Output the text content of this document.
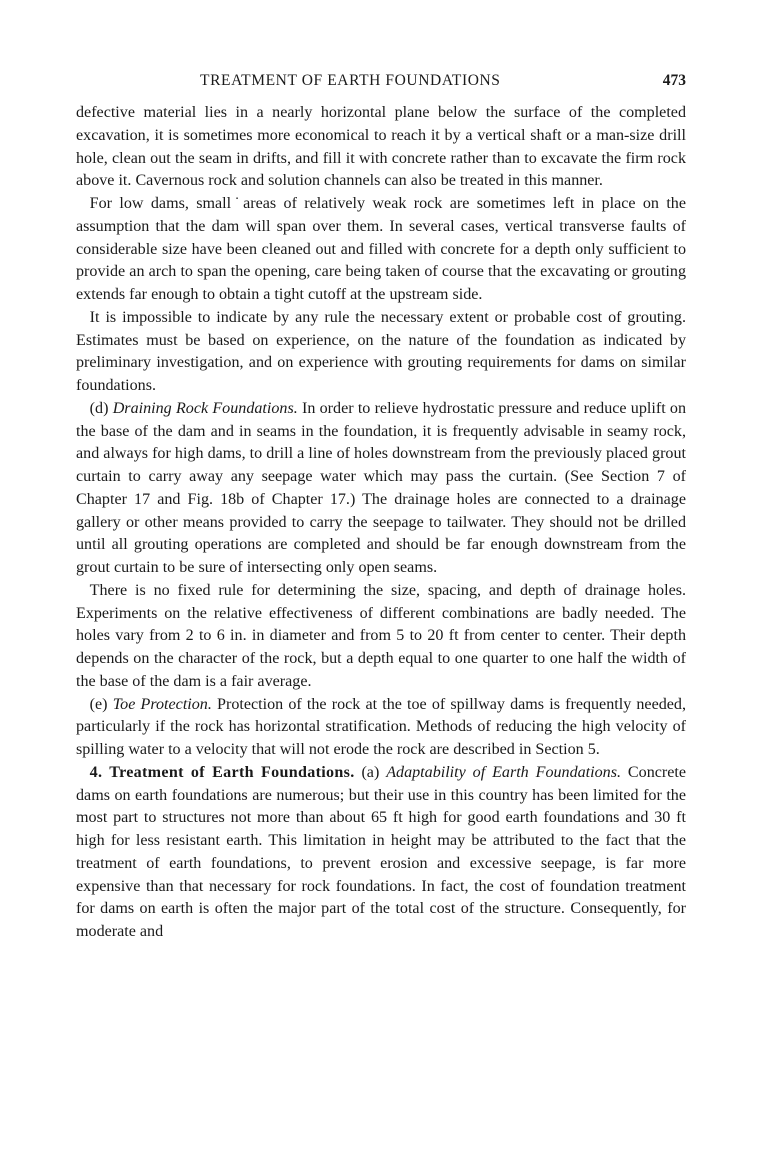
TREATMENT OF EARTH FOUNDATIONS	473

defective material lies in a nearly horizontal plane below the surface of the completed excavation, it is sometimes more economical to reach it by a vertical shaft or a man-size drill hole, clean out the seam in drifts, and fill it with concrete rather than to excavate the firm rock above it. Cavernous rock and solution channels can also be treated in this manner.

For low dams, small˙areas of relatively weak rock are sometimes left in place on the assumption that the dam will span over them. In several cases, vertical transverse faults of considerable size have been cleaned out and filled with concrete for a depth only sufficient to provide an arch to span the opening, care being taken of course that the excavating or grouting extends far enough to obtain a tight cutoff at the upstream side.

It is impossible to indicate by any rule the necessary extent or probable cost of grouting. Estimates must be based on experience, on the nature of the foundation as indicated by preliminary investigation, and on experience with grouting requirements for dams on similar foundations.

(d) Draining Rock Foundations. In order to relieve hydrostatic pressure and reduce uplift on the base of the dam and in seams in the foundation, it is frequently advisable in seamy rock, and always for high dams, to drill a line of holes downstream from the previously placed grout curtain to carry away any seepage water which may pass the curtain. (See Section 7 of Chapter 17 and Fig. 18b of Chapter 17.) The drainage holes are connected to a drainage gallery or other means provided to carry the seepage to tailwater. They should not be drilled until all grouting operations are completed and should be far enough downstream from the grout curtain to be sure of intersecting only open seams.

There is no fixed rule for determining the size, spacing, and depth of drainage holes. Experiments on the relative effectiveness of different combinations are badly needed. The holes vary from 2 to 6 in. in diameter and from 5 to 20 ft from center to center. Their depth depends on the character of the rock, but a depth equal to one quarter to one half the width of the base of the dam is a fair average.

(e) Toe Protection. Protection of the rock at the toe of spillway dams is frequently needed, particularly if the rock has horizontal stratification. Methods of reducing the high velocity of spilling water to a velocity that will not erode the rock are described in Section 5.

4. Treatment of Earth Foundations. (a) Adaptability of Earth Foundations. Concrete dams on earth foundations are numerous; but their use in this country has been limited for the most part to structures not more than about 65 ft high for good earth foundations and 30 ft high for less resistant earth. This limitation in height may be attributed to the fact that the treatment of earth foundations, to prevent erosion and excessive seepage, is far more expensive than that necessary for rock foundations. In fact, the cost of foundation treatment for dams on earth is often the major part of the total cost of the structure. Consequently, for moderate and
